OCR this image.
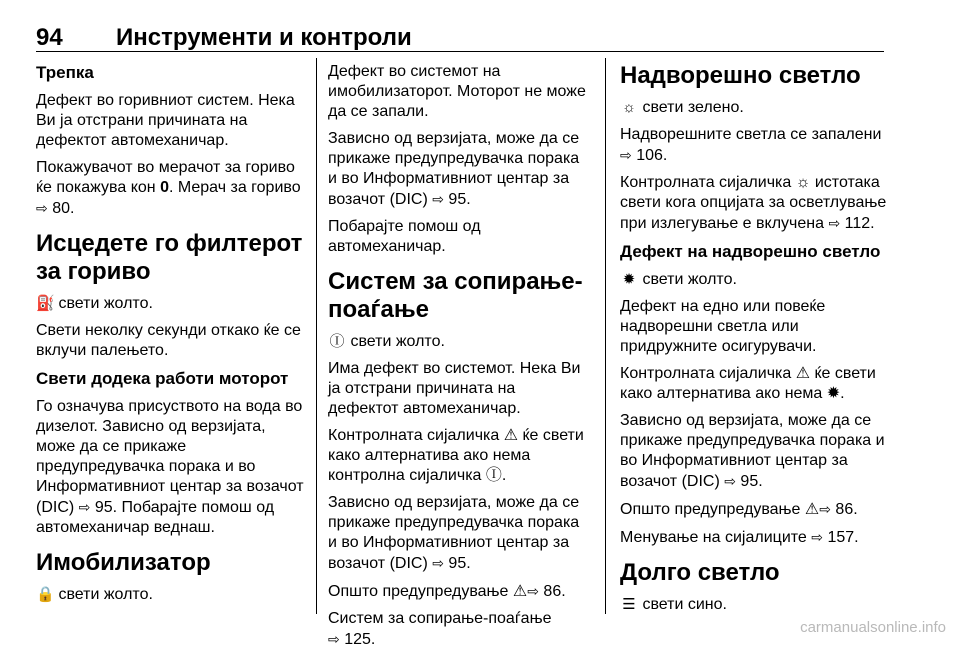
94 Инструменти и контроли
Трепка

Дефект во горивниот систем. Нека Ви ја отстрани причината на дефектот автомеханичар.

Покажувачот во мерачот за гориво ќе покажува кон 0. Мерач за гориво ⇨ 80.

Исцедете го филтерот за гориво

⛽ свети жолто.

Свети неколку секунди откако ќе се вклучи палењето.

Свети додека работи моторот

Го означува присуството на вода во дизелот. Зависно од верзијата, може да се прикаже предупредувачка порака и во Информативниот центар за возачот (DIC) ⇨ 95. Побарајте помош од автомеханичар веднаш.

Имобилизатор

🔒 свети жолто.

Дефект во системот на имобилизаторот. Моторот не може да се запали.

Зависно од верзијата, може да се прикаже предупредувачка порака и во Информативниот центар за возачот (DIC) ⇨ 95.

Побарајте помош од автомеханичар.

Систем за сопирање-поаѓање

Ⓘ свети жолто.

Има дефект во системот. Нека Ви ја отстрани причината на дефектот автомеханичар.

Контролната сијаличка ⚠ ќе свети како алтернатива ако нема контролна сијаличка Ⓘ.

Зависно од верзијата, може да се прикаже предупредувачка порака и во Информативниот центар за возачот (DIC) ⇨ 95.

Општо предупредување ⚠⇨ 86.

Систем за сопирање-поаѓање
⇨ 125.

Надворешно светло

☼ свети зелено.

Надворешните светла се запалени ⇨ 106.

Контролната сијаличка ☼ истотака свети кога опцијата за осветлување при излегување е вклучена ⇨ 112.

Дефект на надворешно светло

✹ свети жолто.

Дефект на едно или повеќе надворешни светла или придружните осигурувачи.

Контролната сијаличка ⚠ ќе свети како алтернатива ако нема ✹.

Зависно од верзијата, може да се прикаже предупредувачка порака и во Информативниот центар за возачот (DIC) ⇨ 95.

Општо предупредување ⚠⇨ 86.

Менување на сијалиците ⇨ 157.

Долго светло

☰ свети сино.

carmanualsonline.info
